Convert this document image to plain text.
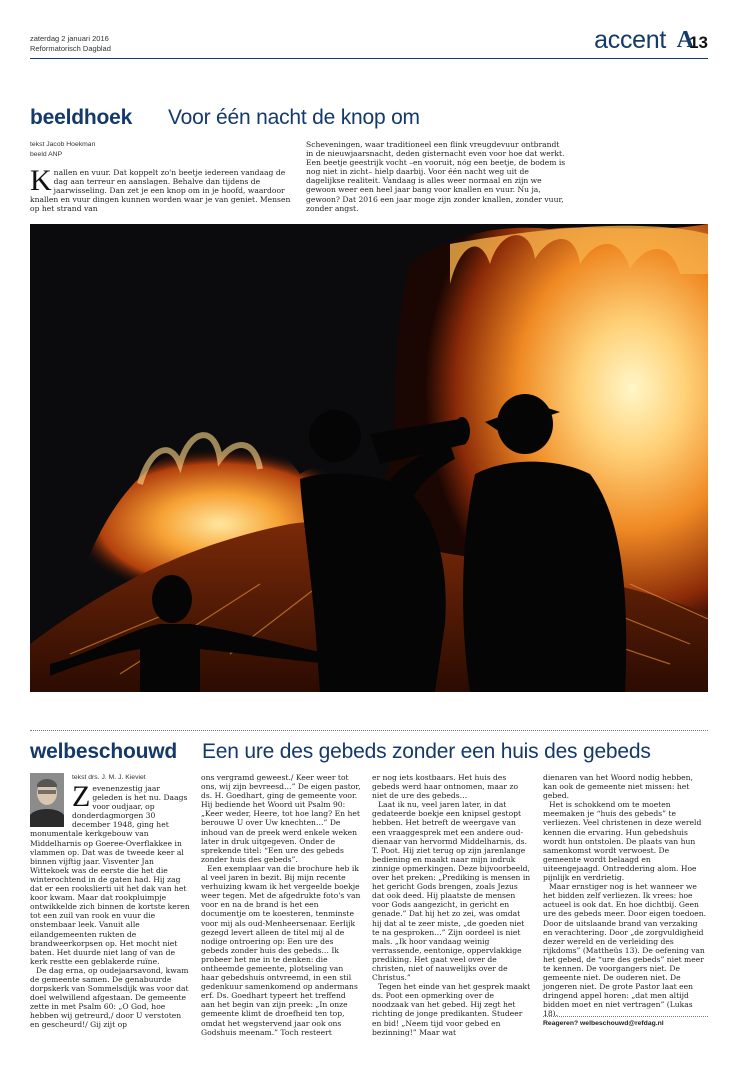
zaterdag 2 januari 2016
Reformatorisch Dagblad	accent A
13
beeldhoek Voor één nacht de knop om
tekst Jacob Hoekman
beeld ANP
Knallen en vuur. Dat koppelt zo'n beetje iedereen vandaag de dag aan terreur en aanslagen. Behalve dan tijdens de jaarwisseling. Dan zet je een knop om in je hoofd, waardoor knallen en vuur dingen kunnen worden waar je van geniet. Mensen op het strand van
Scheveningen, waar traditioneel een flink vreugdevuur ontbrandt in de nieuwjaarsnacht, deden gisternacht even voor hoe dat werkt. Een beetje geestrijk vocht –en vooruit, nóg een beetje, de bodem is nog niet in zicht– hielp daarbij. Voor één nacht weg uit de dagelijkse realiteit. Vandaag is alles weer normaal en zijn we gewoon weer een heel jaar bang voor knallen en vuur. Nu ja, gewoon? Dat 2016 een jaar moge zijn zonder knallen, zonder vuur, zonder angst.
welbeschouwd Een ure des gebeds zonder een huis des gebeds
tekst drs. J. M. J. Kieviet
Zevenenzestig jaar geleden is het nu. Daags voor oudjaar, op donderdagmorgen 30 december 1948, ging het monumentale kerkgebouw van Middelharnis op Goeree-Overflakkee in vlammen op. Dat was de tweede keer al binnen vijftig jaar. Visventer Jan Wittekoek was de eerste die het die winterochtend in de gaten had. Hij zag dat er een rookslierti uit het dak van het koor kwam. Maar dat rookpluimpje ontwikkelde zich binnen de kortste keren tot een zuil van rook en vuur die onstembaar leek. Vanuit alle eilandgemeenten rukten de brandweerkorpsen op. Het mocht niet baten. Het duurde niet lang of van de kerk restte een geblakerde ruïne.

De dag erna, op oudejaarsavond, kwam de gemeente samen. De genabuurde dorpskerk van Sommelsdijk was voor dat doel welwillend afgestaan. De gemeente zette in met Psalm 60: „O God, hoe hebben wij getreurd,/ door U verstoten en gescheurd!/ Gij zijt op

ons vergramd geweest./ Keer weer tot ons, wij zijn bevreesd…” De eigen pastor, ds. H. Goedhart, ging de gemeente voor. Hij bediende het Woord uit Psalm 90: „Keer weder, Heere, tot hoe lang? En het berouwe U over Uw knechten…” De inhoud van de preek werd enkele weken later in druk uitgegeven. Onder de sprekende titel: “Een ure des gebeds zonder huis des gebeds”.

Een exemplaar van die brochure heb ik al veel jaren in bezit. Bij mijn recente verhuizing kwam ik het vergeelde boekje weer tegen. Met de afgedrukte foto's van voor en na de brand is het een documentje om te koesteren, tenminste voor mij als oud-Menheersenaar. Eerlijk gezegd levert alleen de titel mij al de nodige ontroering op: Een ure des gebeds zonder huis des gebeds… Ik probeer het me in te denken: die ontheemde gemeente, plotseling van haar gebedshuis ontvreemd, in een stil gedenkuur samenkomend op andermans erf. Ds. Goedhart typeert het treffend aan het begin van zijn preek: „In onze gemeente klimt de droefheid ten top, omdat het wegstervend jaar ook ons Godshuis meenam.” Toch resteert

er nog iets kostbaars. Het huis des gebeds werd haar ontnomen, maar zo niet de ure des gebeds…

Laat ik nu, veel jaren later, in dat gedateerde boekje een knipsel gestopt hebben. Het betreft de weergave van een vraaggesprek met een andere oud-dienaar van hervormd Middelharnis, ds. T. Poot. Hij ziet terug op zijn jarenlange bediening en maakt naar mijn indruk zinnige opmerkingen. Deze bijvoorbeeld, over het preken: „Prediking is mensen in het gericht Gods brengen, zoals Jezus dat ook deed. Hij plaatste de mensen voor Gods aangezicht, in gericht en genade.” Dat hij het zo zei, was omdat hij dat al te zeer miste, „de goeden niet te na gesproken…” Zijn oordeel is niet mals. „Ik hoor vandaag weinig verrassende, eentonige, oppervlakkige prediking. Het gaat veel over de christen, niet of nauwelijks over de Christus.”

Tegen het einde van het gesprek maakt ds. Poot een opmerking over de noodzaak van het gebed. Hij zegt het richting de jonge predikanten. Studeer en bid! „Neem tijd voor gebed en bezinning!” Maar wat

dienaren van het Woord nodig hebben, kan ook de gemeente niet missen: het gebed.

Het is schokkend om te moeten meemaken je “huis des gebeds” te verliezen. Veel christenen in deze wereld kennen die ervaring. Hun gebedshuis wordt hun ontstolen. De plaats van hun samenkomst wordt verwoest. De gemeente wordt belaagd en uiteengejaagd. Ontreddering alom. Hoe pijnlijk en verdrietig.

Maar ernstiger nog is het wanneer we het bidden zelf verliezen. Ik vrees: hoe actueel is ook dat. En hoe dichtbij. Geen ure des gebeds meer. Door eigen toedoen. Door de uitslaande brand van verzaking en verachtering. Door „de zorgvuldigheid dezer wereld en de verleiding des rijkdoms” (Mattheüs 13). De oefening van het gebed, de “ure des gebeds” niet meer te kennen. De voorgangers niet. De gemeente niet. De ouderen niet. De jongeren niet. De grote Pastor laat een dringend appel horen: „dat men altijd bidden moet en niet vertragen” (Lukas 18).

Reageren? welbeschouwd@refdag.nl
